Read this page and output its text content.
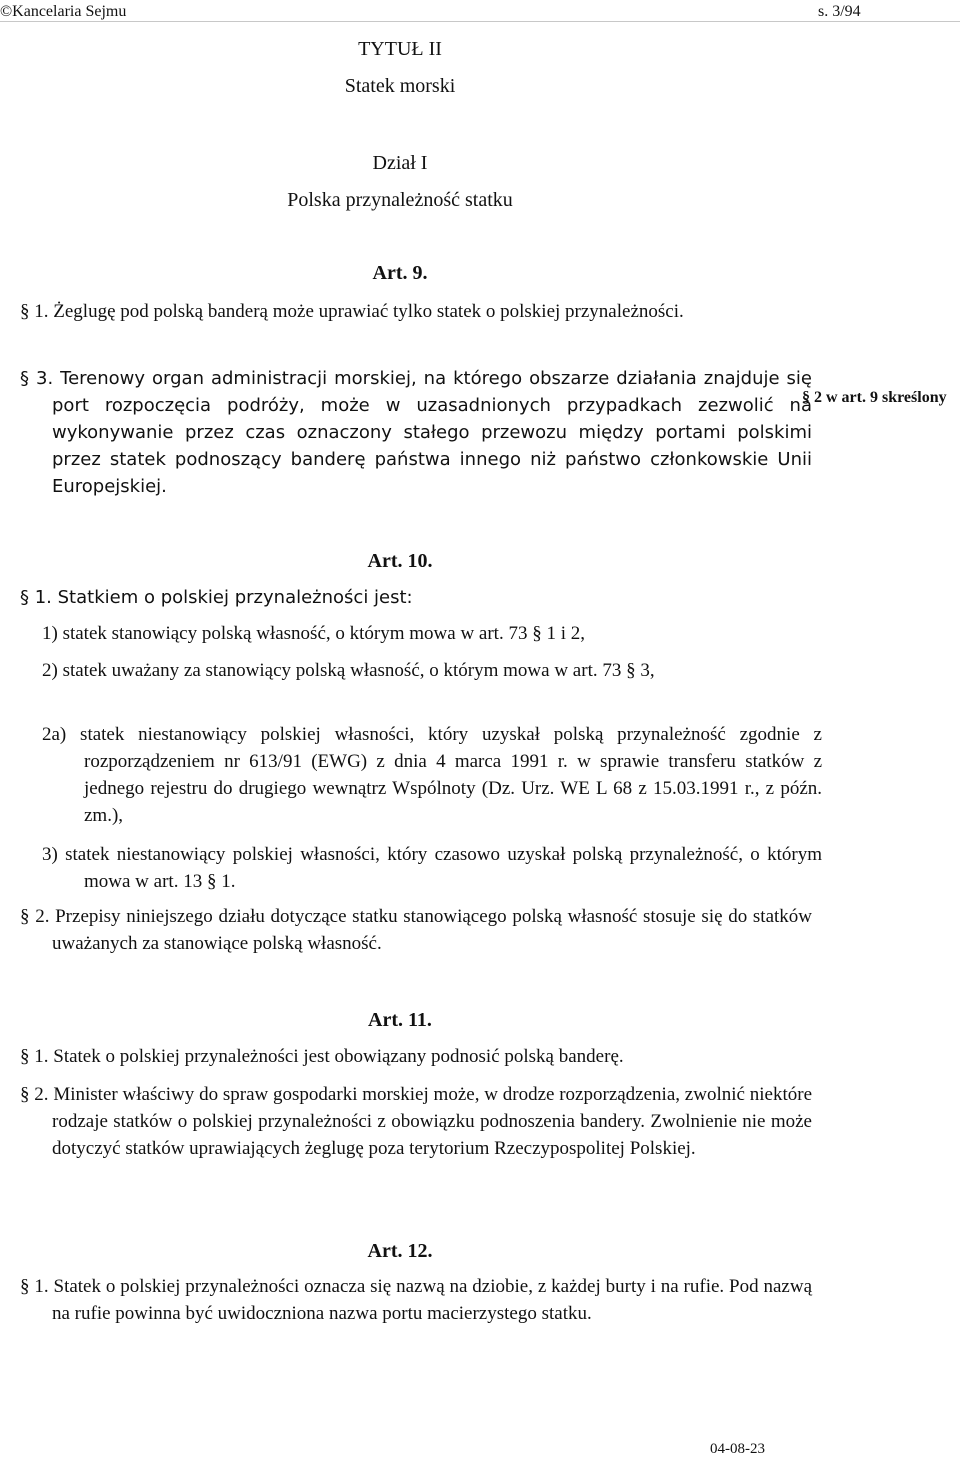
©Kancelaria Sejmu	s. 3/94
TYTUŁ II
Statek morski
Dział I
Polska przynależność statku
Art. 9.
§ 1. Żeglugę pod polską banderą może uprawiać tylko statek o polskiej przynależności.
§ 3. Terenowy organ administracji morskiej, na którego obszarze działania znajduje się port rozpoczęcia podróży, może w uzasadnionych przypadkach zezwolić na wykonywanie przez czas oznaczony stałego przewozu między portami polskimi przez statek podnoszący banderę państwa innego niż państwo członkowskie Unii Europejskiej.
§ 2 w art. 9 skreślony
Art. 10.
§ 1. Statkiem o polskiej przynależności jest:
1) statek stanowiący polską własność, o którym mowa w art. 73 § 1 i 2,
2) statek uważany za stanowiący polską własność, o którym mowa w art. 73 § 3,
2a) statek niestanowiący polskiej własności, który uzyskał polską przynależność zgodnie z rozporządzeniem nr 613/91 (EWG) z dnia 4 marca 1991 r. w sprawie transferu statków z jednego rejestru do drugiego wewnątrz Wspólnoty (Dz. Urz. WE L 68 z 15.03.1991 r., z późn. zm.),
3) statek niestanowiący polskiej własności, który czasowo uzyskał polską przynależność, o którym mowa w art. 13 § 1.
§ 2. Przepisy niniejszego działu dotyczące statku stanowiącego polską własność stosuje się do statków uważanych za stanowiące polską własność.
Art. 11.
§ 1. Statek o polskiej przynależności jest obowiązany podnosić polską banderę.
§ 2. Minister właściwy do spraw gospodarki morskiej może, w drodze rozporządzenia, zwolnić niektóre rodzaje statków o polskiej przynależności z obowiązku podnoszenia bandery. Zwolnienie nie może dotyczyć statków uprawiających żeglugę poza terytorium Rzeczypospolitej Polskiej.
Art. 12.
§ 1. Statek o polskiej przynależności oznacza się nazwą na dziobie, z każdej burty i na rufie. Pod nazwą na rufie powinna być uwidoczniona nazwa portu macierzystego statku.
04-08-23
